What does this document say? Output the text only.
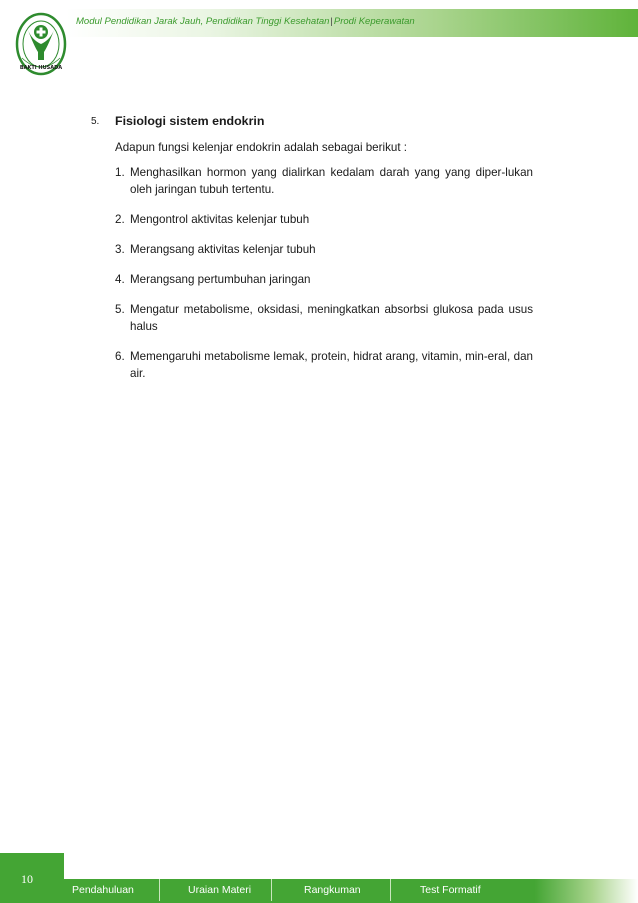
BAKTI HUSADA
Modul Pendidikan Jarak Jauh, Pendidikan Tinggi Kesehatan|Prodi Keperawatan
5.	Fisiologi sistem endokrin
Adapun fungsi kelenjar endokrin adalah sebagai berikut :
1. Menghasilkan hormon yang dialirkan kedalam darah yang yang diper-lukan oleh jaringan tubuh tertentu.
2. Mengontrol aktivitas kelenjar tubuh
3. Merangsang aktivitas kelenjar tubuh
4. Merangsang pertumbuhan jaringan
5. Mengatur metabolisme, oksidasi, meningkatkan absorbsi glukosa pada usus halus
6. Memengaruhi metabolisme lemak, protein, hidrat arang, vitamin, min-eral, dan air.
10
Pendahuluan	Uraian Materi	Rangkuman	Test Formatif
